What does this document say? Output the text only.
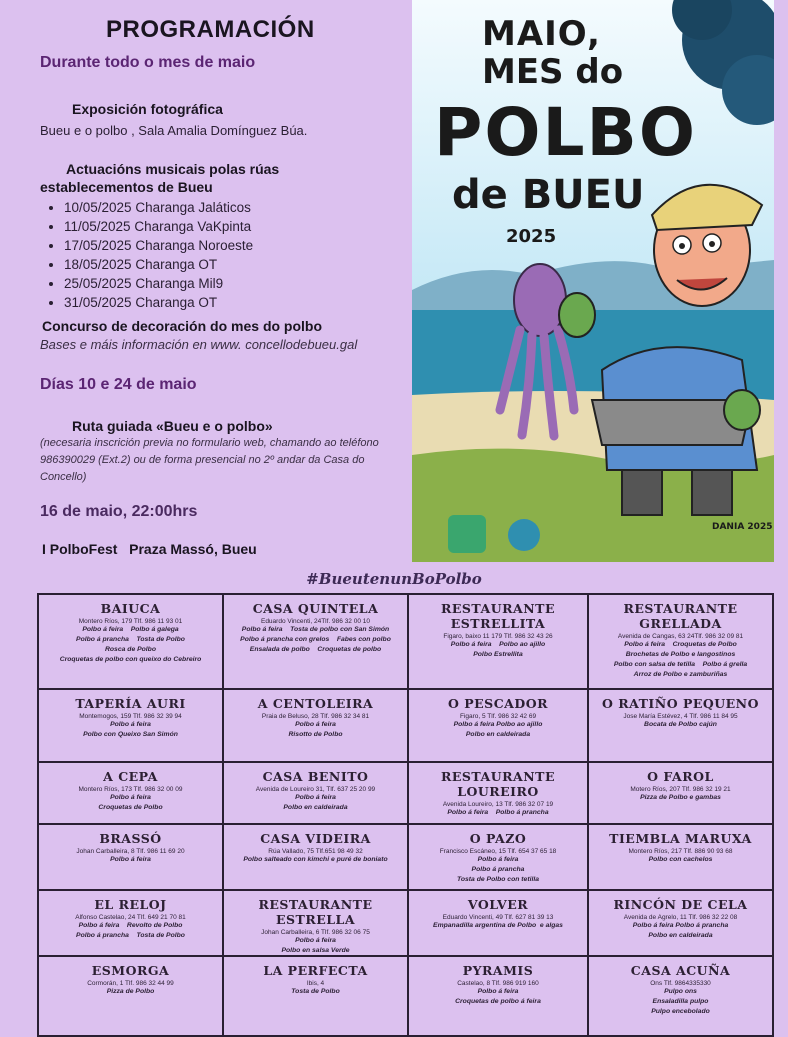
PROGRAMACIÓN
Durante todo o mes de maio
Exposición fotográfica
Bueu e o polbo , Sala Amalia Domínguez Búa.
Actuacións musicais polas rúas
establecementos de Bueu
• 10/05/2025 Charanga Jaláticos
• 11/05/2025 Charanga VaKpinta
• 17/05/2025 Charanga Noroeste
• 18/05/2025 Charanga OT
• 25/05/2025 Charanga Mil9
• 31/05/2025 Charanga OT
Concurso de decoración do mes do polbo
Bases e máis información en www. concellodebueu.gal
Días 10 e 24 de maio
Ruta guiada «Bueu e o polbo»
(necesaria inscrición previa no formulario web, chamando ao teléfono
986390029 (Ext.2) ou de forma presencial no 2º andar da Casa do
Concello)
16 de maio, 22:00hrs
I PolboFest   Praza Massó, Bueu
MAIO,
MES do
POLBO
de BUEU
2025
DANIA 2025
#BueutenunBoPolbo
BAIUCA
Montero Ríos, 179 Tlf. 986 11 93 01
Polbo á feira    Polbo á galega
Polbo á prancha    Tosta de Polbo
Rosca de Polbo
Croquetas de polbo con queixo do Cebreiro
CASA QUINTELA
Eduardo Vincenti, 24Tlf. 986 32 00 10
Polbo á feira    Tosta de polbo con San Simón
Polbo á prancha con grelos    Fabes con polbo
Ensalada de polbo    Croquetas de polbo
RESTAURANTE ESTRELLITA
Figaro, baixo 11 179 Tlf. 986 32 43 26
Polbo á feira    Polbo ao ajillo
Polbo Estrellita
RESTAURANTE GRELLADA
Avenida de Cangas, 63 24Tlf. 986 32 09 81
Polbo á feira    Croquetas de Polbo
Brochetas de Polbo e langostinos
Polbo con salsa de tetilla    Polbo á grella
Arroz de Polbo e zamburiñas
TAPERÍA AURI
Montemogos, 159 Tlf. 986 32 39 94
Polbo á feira
Polbo con Queixo San Simón
A CENTOLEIRA
Praia de Beluso, 28 Tlf. 986 32 34 81
Polbo á feira
Risotto de Polbo
O PESCADOR
Figaro, 5 Tlf. 986 32 42 69
Polbo á feira Polbo ao ajillo
Polbo en caldeirada
O RATIÑO PEQUENO
Jose María Estévez, 4 Tlf. 986 11 84 95
Bocata de Polbo cajún
A CEPA
Montero Ríos, 173 Tlf. 986 32 00 09
Polbo á feira
Croquetas de Polbo
CASA BENITO
Avenida de Loureiro 31, Tlf. 637 25 20 99
Polbo á feira
Polbo en caldeirada
RESTAURANTE LOUREIRO
Avenida Loureiro, 13 Tlf. 986 32 07 19
Polbo á feira    Polbo á prancha
O FAROL
Motero Ríos, 207 Tlf. 986 32 19 21
Pizza de Polbo e gambas
BRASSÓ
Johan Carballeira, 8 Tlf. 986 11 69 20
Polbo á feira
CASA VIDEIRA
Rúa Vallado, 75 Tlf.651 98 49 32
Polbo salteado con kimchi e puré de boniato
O PAZO
Francisco Escáneo, 15 Tlf. 654 37 65 18
Polbo á feira
Polbo á prancha
Tosta de Polbo con tetilla
TIEMBLA MARUXA
Montero Ríos, 217 Tlf. 886 90 93 68
Polbo con cachelos
EL RELOJ
Alfonso Castelao, 24 Tlf. 649 21 70 81
Polbo á feira    Revolto de Polbo
Polbo á prancha    Tosta de Polbo
RESTAURANTE ESTRELLA
Johan Carballeira, 6 Tlf. 986 32 06 75
Polbo á feira
Polbo en salsa Verde
VOLVER
Eduardo Vincenti, 49 Tlf. 627 81 39 13
Empanadilla argentina de Polbo  e algas
RINCÓN DE CELA
Avenida de Agrelo, 11 Tlf. 986 32 22 08
Polbo á feira Polbo á prancha
Polbo en caldeirada
ESMORGA
Cormorán, 1 Tlf. 986 32 44 99
Pizza de Polbo
LA PERFECTA
Ibis, 4
Tosta de Polbo
PYRAMIS
Castelao, 8 Tlf. 986 919 160
Polbo á feira
Croquetas de polbo á feira
CASA ACUÑA
Ons Tlf. 9864335330
Pulpo ons
Ensaladilla pulpo
Pulpo encebolado
